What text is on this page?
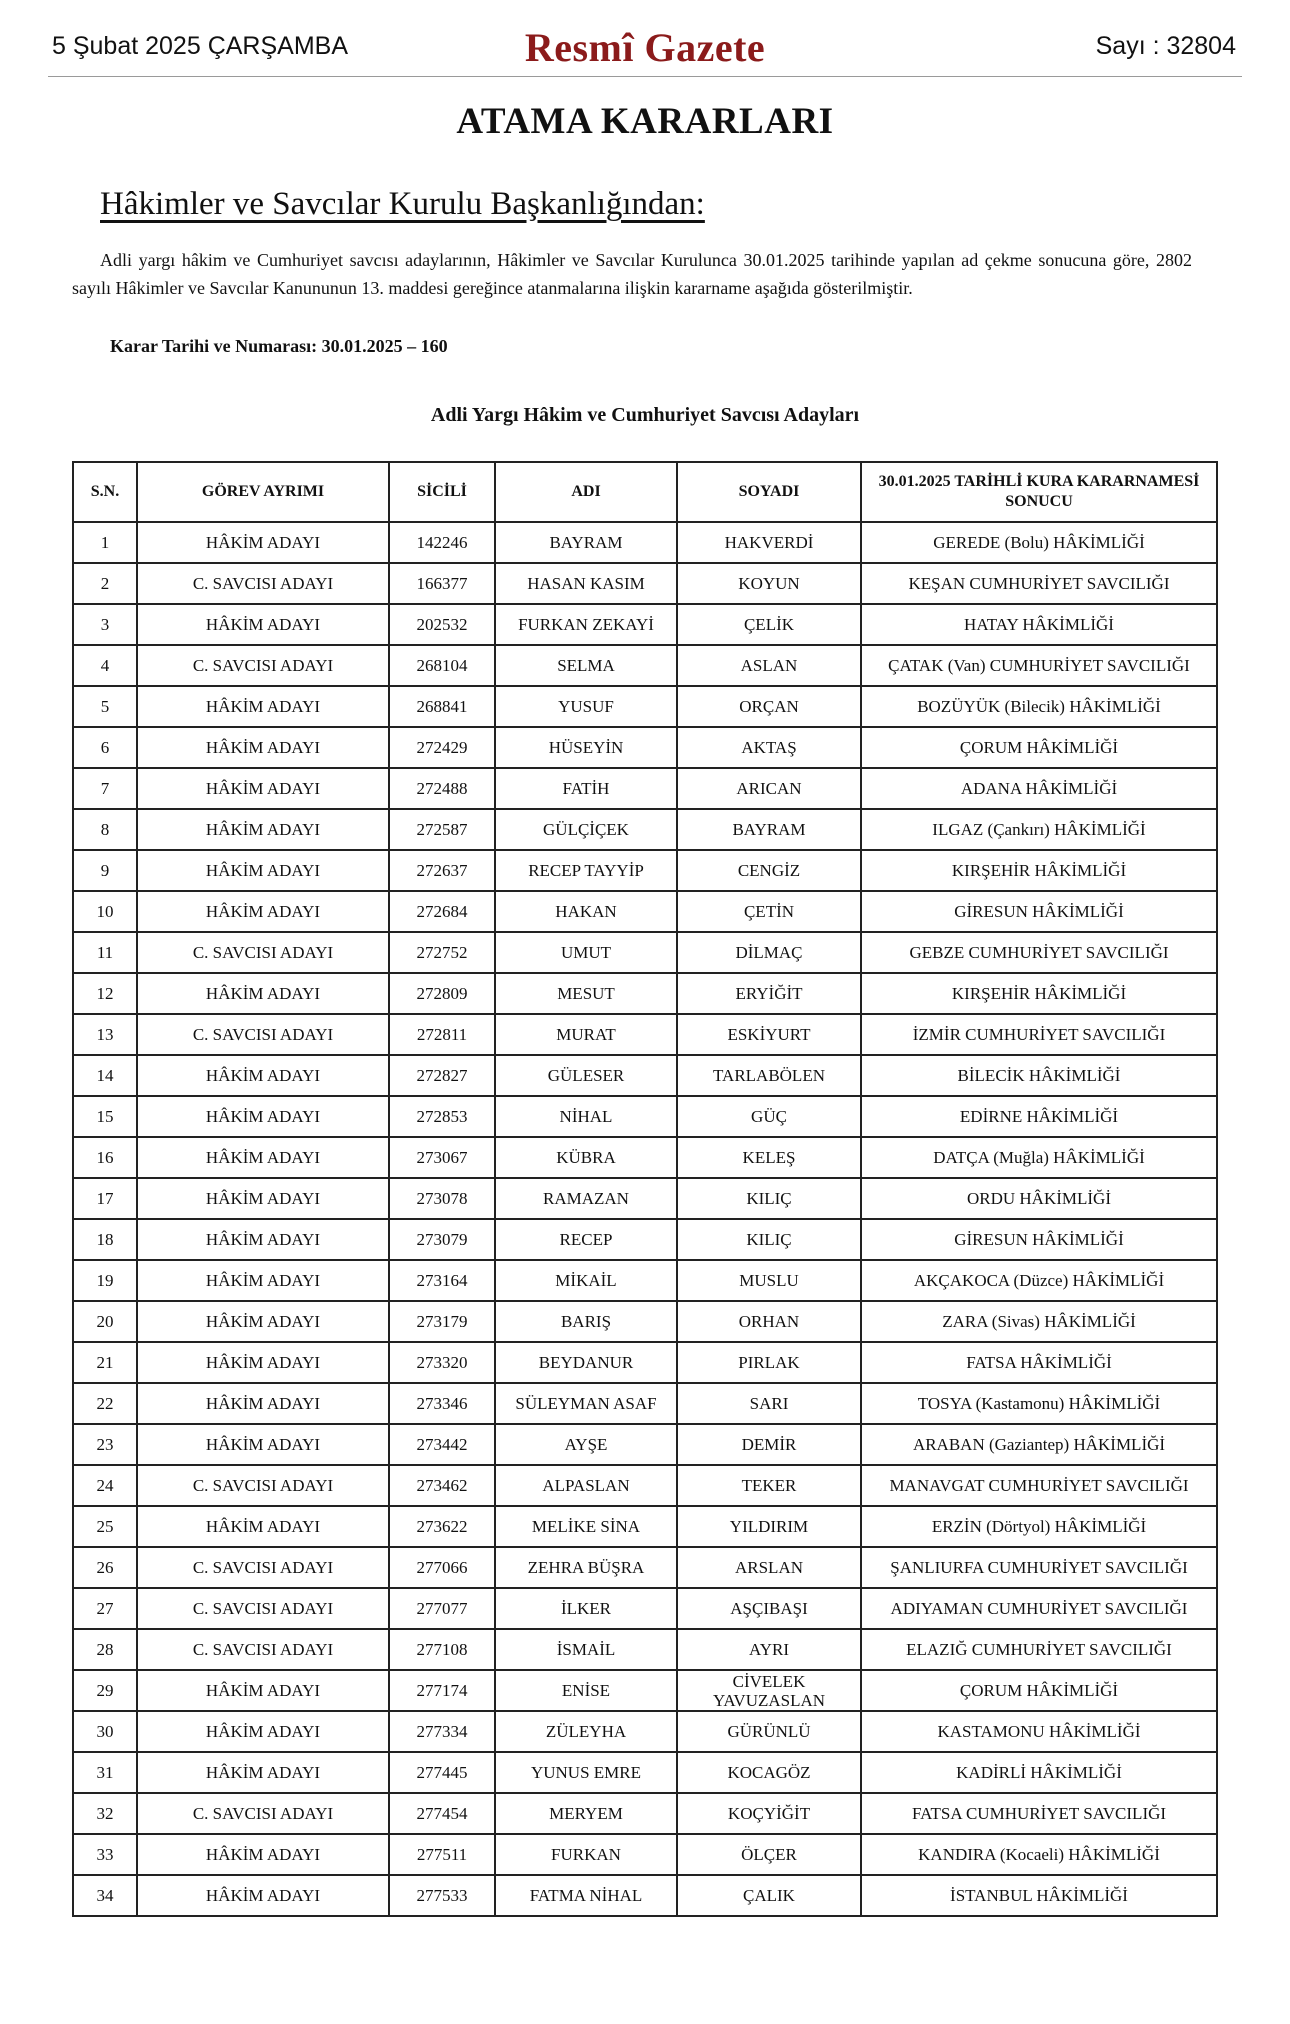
5 Şubat 2025 ÇARŞAMBA	Resmî Gazete	Sayı : 32804
ATAMA KARARLARI
Hâkimler ve Savcılar Kurulu Başkanlığından:
Adli yargı hâkim ve Cumhuriyet savcısı adaylarının, Hâkimler ve Savcılar Kurulunca 30.01.2025 tarihinde yapılan ad çekme sonucuna göre, 2802 sayılı Hâkimler ve Savcılar Kanununun 13. maddesi gereğince atanmalarına ilişkin kararname aşağıda gösterilmiştir.
Karar Tarihi ve Numarası: 30.01.2025 – 160
Adli Yargı Hâkim ve Cumhuriyet Savcısı Adayları
S.N.	GÖREV AYRIMI	SİCİLİ	ADI	SOYADI	30.01.2025 TARİHLİ KURA KARARNAMESİ SONUCU
1	HÂKİM ADAYI	142246	BAYRAM	HAKVERDİ	GEREDE (Bolu) HÂKİMLİĞİ
2	C. SAVCISI ADAYI	166377	HASAN KASIM	KOYUN	KEŞAN CUMHURİYET SAVCILIĞI
3	HÂKİM ADAYI	202532	FURKAN ZEKAYİ	ÇELİK	HATAY HÂKİMLİĞİ
4	C. SAVCISI ADAYI	268104	SELMA	ASLAN	ÇATAK (Van) CUMHURİYET SAVCILIĞI
5	HÂKİM ADAYI	268841	YUSUF	ORÇAN	BOZÜYÜK (Bilecik) HÂKİMLİĞİ
6	HÂKİM ADAYI	272429	HÜSEYİN	AKTAŞ	ÇORUM HÂKİMLİĞİ
7	HÂKİM ADAYI	272488	FATİH	ARICAN	ADANA HÂKİMLİĞİ
8	HÂKİM ADAYI	272587	GÜLÇİÇEK	BAYRAM	ILGAZ (Çankırı) HÂKİMLİĞİ
9	HÂKİM ADAYI	272637	RECEP TAYYİP	CENGİZ	KIRŞEHİR HÂKİMLİĞİ
10	HÂKİM ADAYI	272684	HAKAN	ÇETİN	GİRESUN HÂKİMLİĞİ
11	C. SAVCISI ADAYI	272752	UMUT	DİLMAÇ	GEBZE CUMHURİYET SAVCILIĞI
12	HÂKİM ADAYI	272809	MESUT	ERYİĞİT	KIRŞEHİR HÂKİMLİĞİ
13	C. SAVCISI ADAYI	272811	MURAT	ESKİYURT	İZMİR CUMHURİYET SAVCILIĞI
14	HÂKİM ADAYI	272827	GÜLESER	TARLABÖLEN	BİLECİK HÂKİMLİĞİ
15	HÂKİM ADAYI	272853	NİHAL	GÜÇ	EDİRNE HÂKİMLİĞİ
16	HÂKİM ADAYI	273067	KÜBRA	KELEŞ	DATÇA (Muğla) HÂKİMLİĞİ
17	HÂKİM ADAYI	273078	RAMAZAN	KILIÇ	ORDU HÂKİMLİĞİ
18	HÂKİM ADAYI	273079	RECEP	KILIÇ	GİRESUN HÂKİMLİĞİ
19	HÂKİM ADAYI	273164	MİKAİL	MUSLU	AKÇAKOCA (Düzce) HÂKİMLİĞİ
20	HÂKİM ADAYI	273179	BARIŞ	ORHAN	ZARA (Sivas) HÂKİMLİĞİ
21	HÂKİM ADAYI	273320	BEYDANUR	PIRLAK	FATSA HÂKİMLİĞİ
22	HÂKİM ADAYI	273346	SÜLEYMAN ASAF	SARI	TOSYA (Kastamonu) HÂKİMLİĞİ
23	HÂKİM ADAYI	273442	AYŞE	DEMİR	ARABAN (Gaziantep) HÂKİMLİĞİ
24	C. SAVCISI ADAYI	273462	ALPASLAN	TEKER	MANAVGAT CUMHURİYET SAVCILIĞI
25	HÂKİM ADAYI	273622	MELİKE SİNA	YILDIRIM	ERZİN (Dörtyol) HÂKİMLİĞİ
26	C. SAVCISI ADAYI	277066	ZEHRA BÜŞRA	ARSLAN	ŞANLIURFA CUMHURİYET SAVCILIĞI
27	C. SAVCISI ADAYI	277077	İLKER	AŞÇIBAŞI	ADIYAMAN CUMHURİYET SAVCILIĞI
28	C. SAVCISI ADAYI	277108	İSMAİL	AYRI	ELAZIĞ CUMHURİYET SAVCILIĞI
29	HÂKİM ADAYI	277174	ENİSE	CİVELEK YAVUZASLAN	ÇORUM HÂKİMLİĞİ
30	HÂKİM ADAYI	277334	ZÜLEYHA	GÜRÜNLÜ	KASTAMONU HÂKİMLİĞİ
31	HÂKİM ADAYI	277445	YUNUS EMRE	KOCAGÖZ	KADİRLİ HÂKİMLİĞİ
32	C. SAVCISI ADAYI	277454	MERYEM	KOÇYİĞİT	FATSA CUMHURİYET SAVCILIĞI
33	HÂKİM ADAYI	277511	FURKAN	ÖLÇER	KANDIRA (Kocaeli) HÂKİMLİĞİ
34	HÂKİM ADAYI	277533	FATMA NİHAL	ÇALIK	İSTANBUL HÂKİMLİĞİ
